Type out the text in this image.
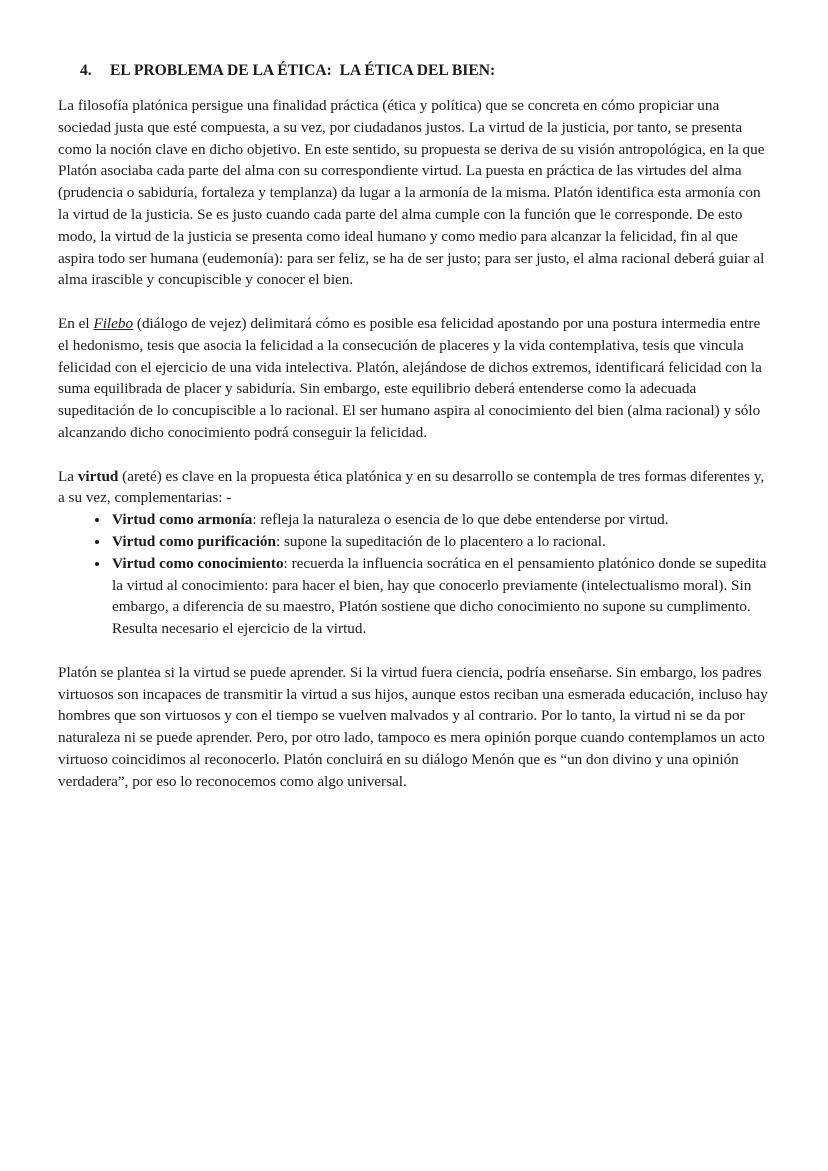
4.	EL PROBLEMA DE LA ÉTICA:  LA ÉTICA DEL BIEN:

La filosofía platónica persigue una finalidad práctica (ética y política) que se concreta en cómo propiciar una sociedad justa que esté compuesta, a su vez, por ciudadanos justos. La virtud de la justicia, por tanto, se presenta como la noción clave en dicho objetivo. En este sentido, su propuesta se deriva de su visión antropológica, en la que Platón asociaba cada parte del alma con su correspondiente virtud. La puesta en práctica de las virtudes del alma (prudencia o sabiduría, fortaleza y templanza) da lugar a la armonía de la misma. Platón identifica esta armonía con la virtud de la justicia. Se es justo cuando cada parte del alma cumple con la función que le corresponde. De esto modo, la virtud de la justicia se presenta como ideal humano y como medio para alcanzar la felicidad, fin al que aspira todo ser humana (eudemonía): para ser feliz, se ha de ser justo; para ser justo, el alma racional deberá guiar al alma irascible y concupiscible y conocer el bien.

En el Filebo (diálogo de vejez) delimitará cómo es posible esa felicidad apostando por una postura intermedia entre el hedonismo, tesis que asocia la felicidad a la consecución de placeres y la vida contemplativa, tesis que vincula felicidad con el ejercicio de una vida intelectiva. Platón, alejándose de dichos extremos, identificará felicidad con la suma equilibrada de placer y sabiduría. Sin embargo, este equilibrio deberá entenderse como la adecuada supeditación de lo concupiscible a lo racional. El ser humano aspira al conocimiento del bien (alma racional) y sólo alcanzando dicho conocimiento podrá conseguir la felicidad.

La virtud (areté) es clave en la propuesta ética platónica y en su desarrollo se contempla de tres formas diferentes y, a su vez, complementarias: -

• Virtud como armonía: refleja la naturaleza o esencia de lo que debe entenderse por virtud.
• Virtud como purificación: supone la supeditación de lo placentero a lo racional.
• Virtud como conocimiento: recuerda la influencia socrática en el pensamiento platónico donde se supedita la virtud al conocimiento: para hacer el bien, hay que conocerlo previamente (intelectualismo moral). Sin embargo, a diferencia de su maestro, Platón sostiene que dicho conocimiento no supone su cumplimento. Resulta necesario el ejercicio de la virtud.

Platón se plantea si la virtud se puede aprender. Si la virtud fuera ciencia, podría enseñarse. Sin embargo, los padres virtuosos son incapaces de transmitir la virtud a sus hijos, aunque estos reciban una esmerada educación, incluso hay hombres que son virtuosos y con el tiempo se vuelven malvados y al contrario. Por lo tanto, la virtud ni se da por naturaleza ni se puede aprender. Pero, por otro lado, tampoco es mera opinión porque cuando contemplamos un acto virtuoso coincidimos al reconocerlo. Platón concluirá en su diálogo Menón que es “un don divino y una opinión verdadera”, por eso lo reconocemos como algo universal.
